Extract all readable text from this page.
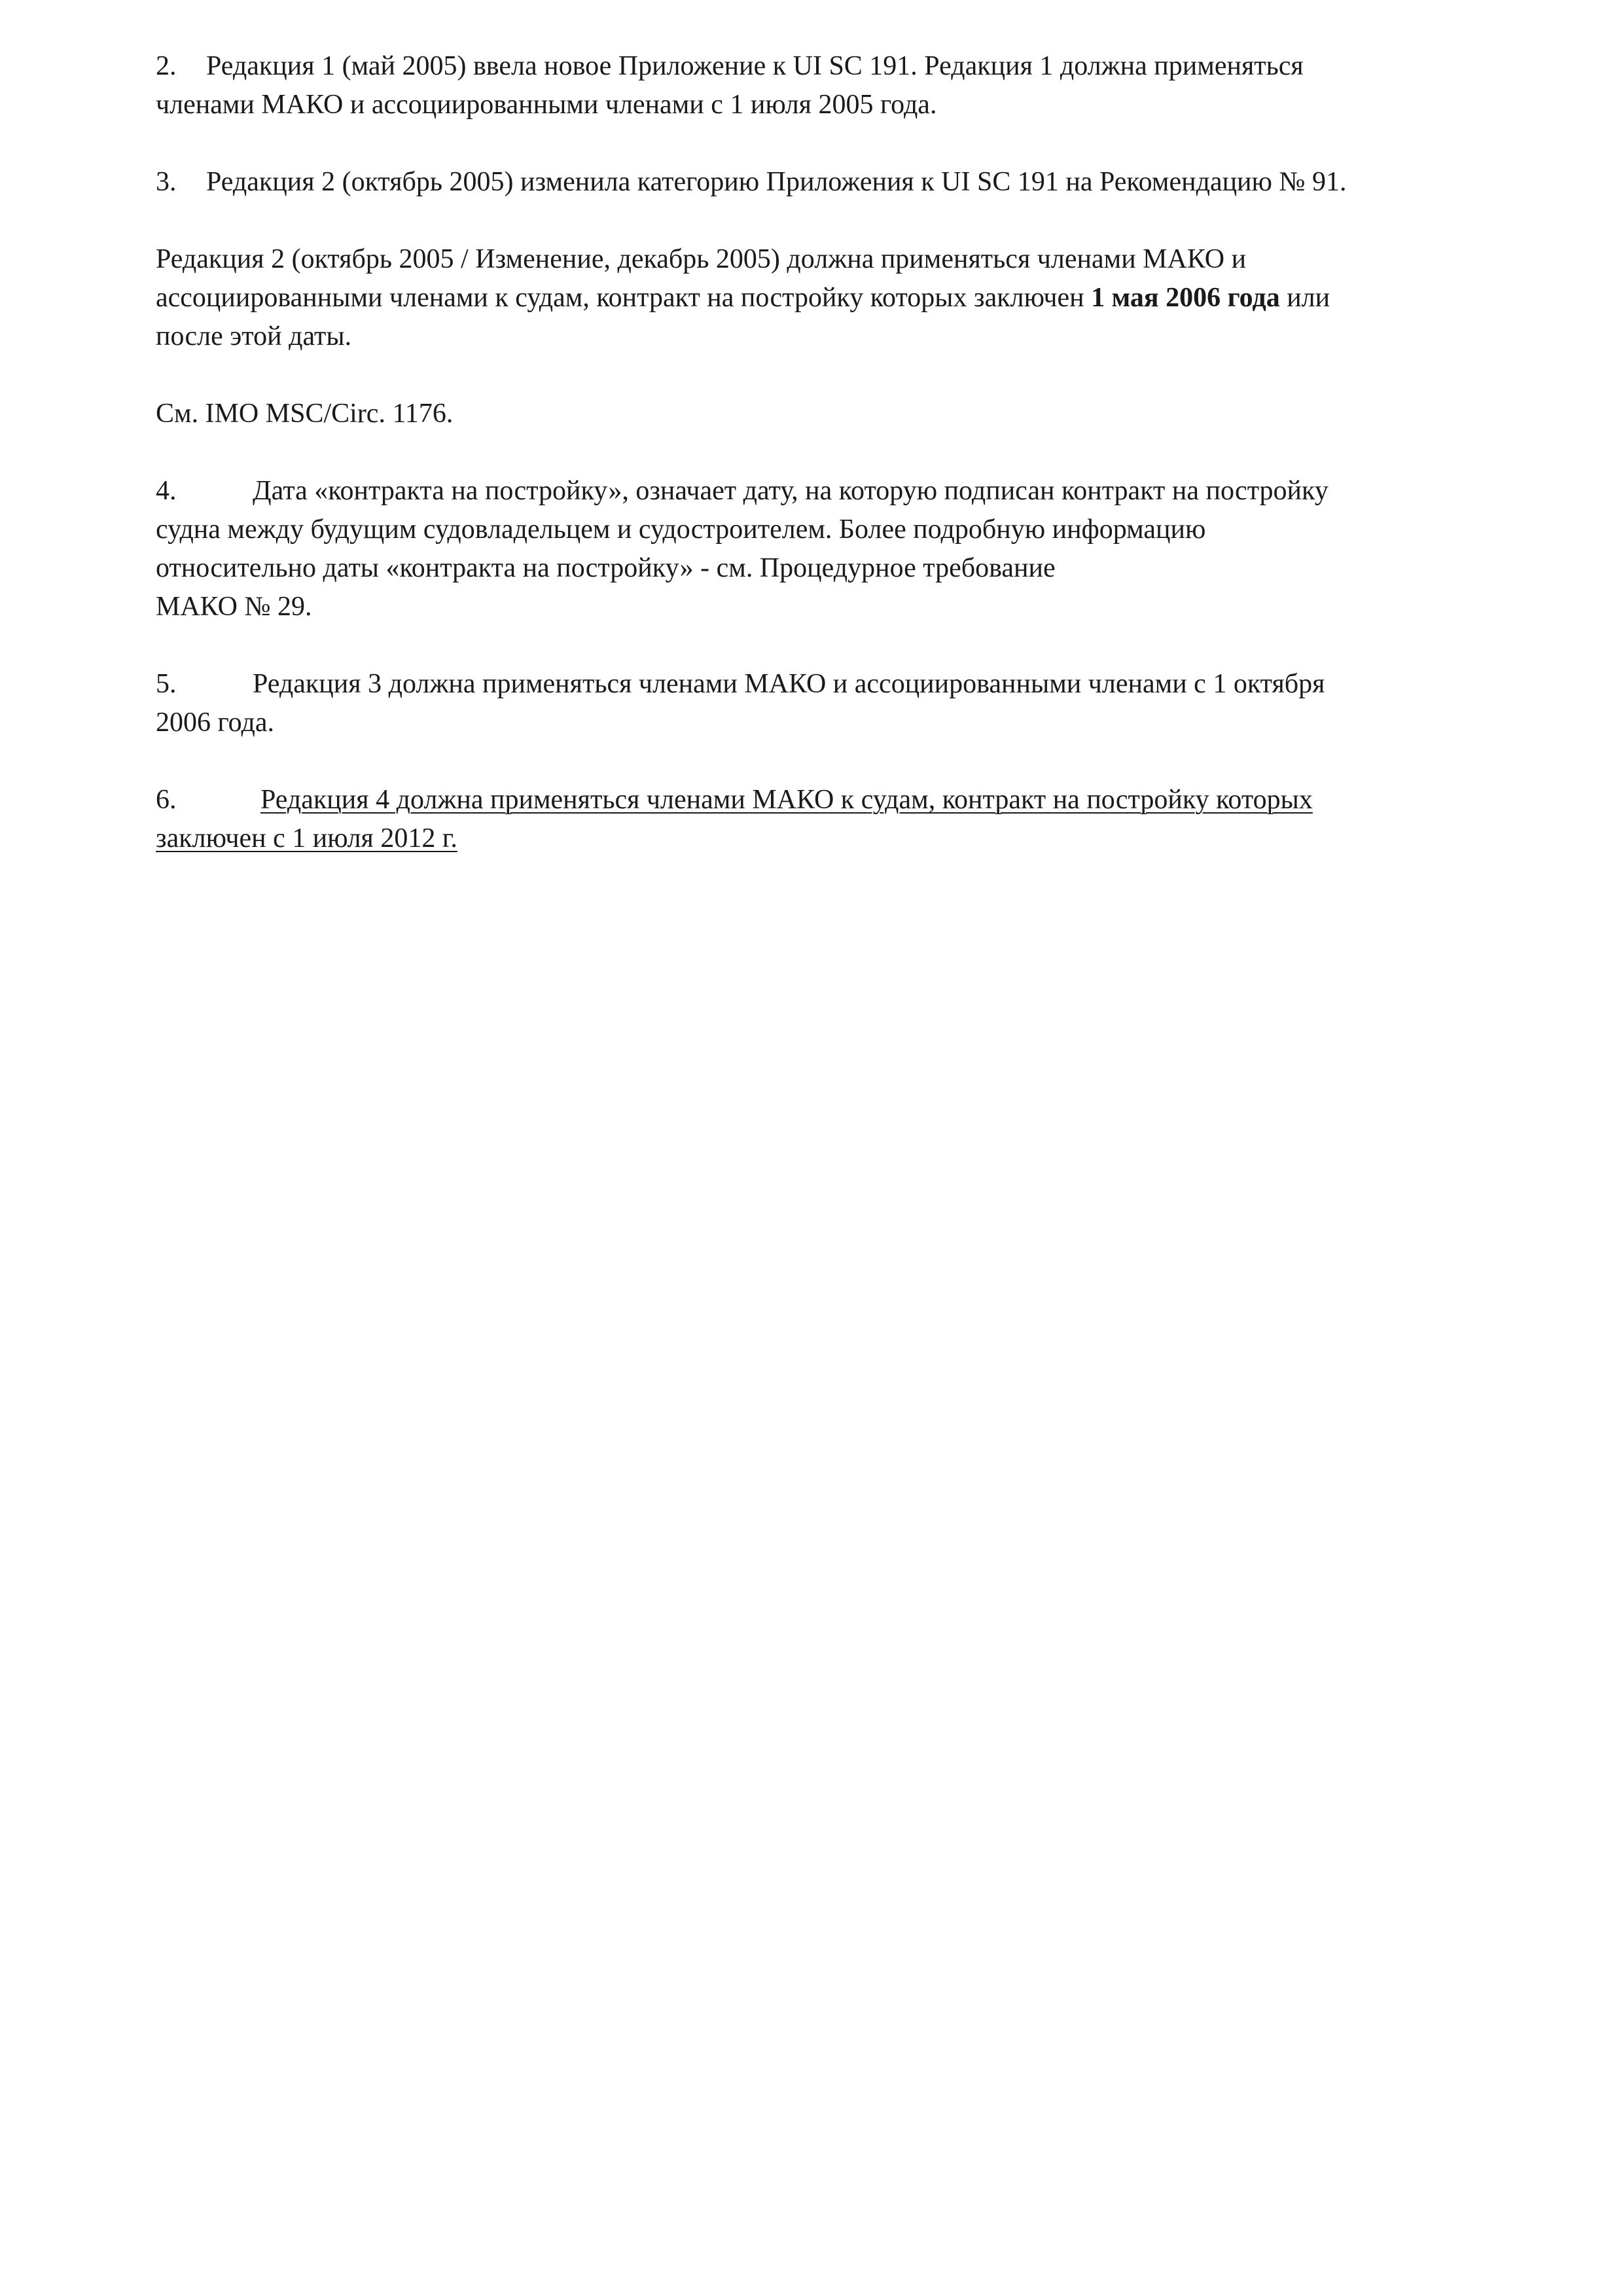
2. Редакция 1 (май 2005) ввела новое Приложение к UI SC 191. Редакция 1 должна применяться
членами МАКО и ассоциированными членами с 1 июля 2005 года.

3. Редакция 2 (октябрь 2005) изменила категорию Приложения к UI SC 191 на Рекомендацию № 91.

Редакция 2 (октябрь 2005 / Изменение, декабрь 2005) должна применяться членами МАКО и
ассоциированными членами к судам, контракт на постройку которых заключен 1 мая 2006 года или
после этой даты.

См. IMO MSC/Circ. 1176.

4.	Дата «контракта на постройку», означает дату, на которую подписан контракт на постройку
судна между будущим судовладельцем и судостроителем. Более подробную информацию
относительно даты «контракта на постройку» - см. Процедурное требование
МАКО № 29.

5.	Редакция 3 должна применяться членами МАКО и ассоциированными членами с 1 октября
2006 года.

6.	Редакция 4 должна применяться членами МАКО к судам, контракт на постройку которых
заключен с 1 июля 2012 г.
